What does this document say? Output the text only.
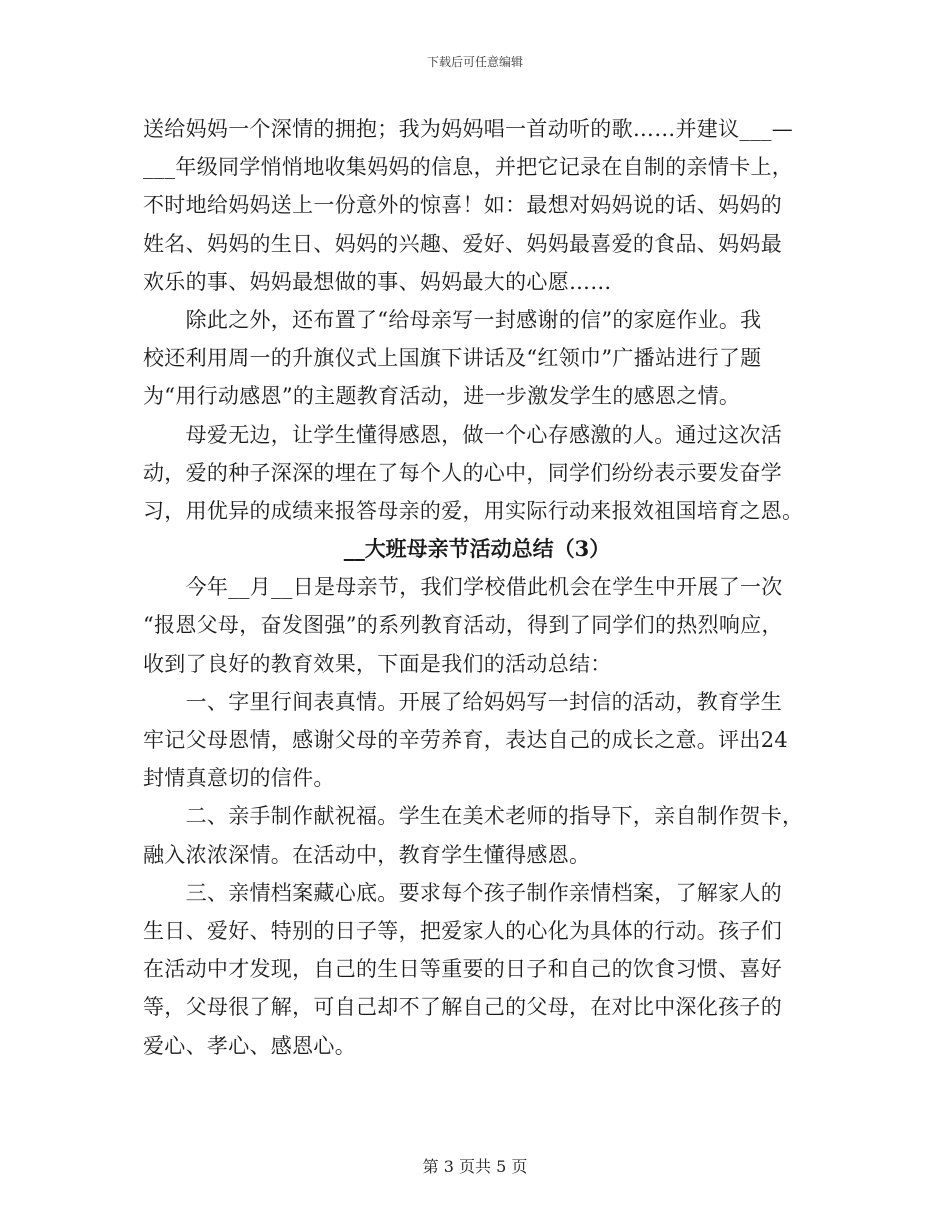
下载后可任意编辑
送给妈妈一个深情的拥抱；我为妈妈唱一首动听的歌……并建议___—
___年级同学悄悄地收集妈妈的信息，并把它记录在自制的亲情卡上，
不时地给妈妈送上一份意外的惊喜！如：最想对妈妈说的话、妈妈的
姓名、妈妈的生日、妈妈的兴趣、爱好、妈妈最喜爱的食品、妈妈最
欢乐的事、妈妈最想做的事、妈妈最大的心愿……
　　除此之外，还布置了“给母亲写一封感谢的信”的家庭作业。我
校还利用周一的升旗仪式上国旗下讲话及“红领巾”广播站进行了题
为“用行动感恩”的主题教育活动，进一步激发学生的感恩之情。
　　母爱无边，让学生懂得感恩，做一个心存感激的人。通过这次活
动，爱的种子深深的埋在了每个人的心中，同学们纷纷表示要发奋学
习，用优异的成绩来报答母亲的爱，用实际行动来报效祖国培育之恩。
__大班母亲节活动总结（3）
　　今年__月__日是母亲节，我们学校借此机会在学生中开展了一次
“报恩父母，奋发图强”的系列教育活动，得到了同学们的热烈响应，
收到了良好的教育效果，下面是我们的活动总结：
　　一、字里行间表真情。开展了给妈妈写一封信的活动，教育学生
牢记父母恩情，感谢父母的辛劳养育，表达自己的成长之意。评出24
封情真意切的信件。
　　二、亲手制作献祝福。学生在美术老师的指导下，亲自制作贺卡，
融入浓浓深情。在活动中，教育学生懂得感恩。
　　三、亲情档案藏心底。要求每个孩子制作亲情档案，了解家人的
生日、爱好、特别的日子等，把爱家人的心化为具体的行动。孩子们
在活动中才发现，自己的生日等重要的日子和自己的饮食习惯、喜好
等，父母很了解，可自己却不了解自己的父母，在对比中深化孩子的
爱心、孝心、感恩心。
第 3 页共 5 页
